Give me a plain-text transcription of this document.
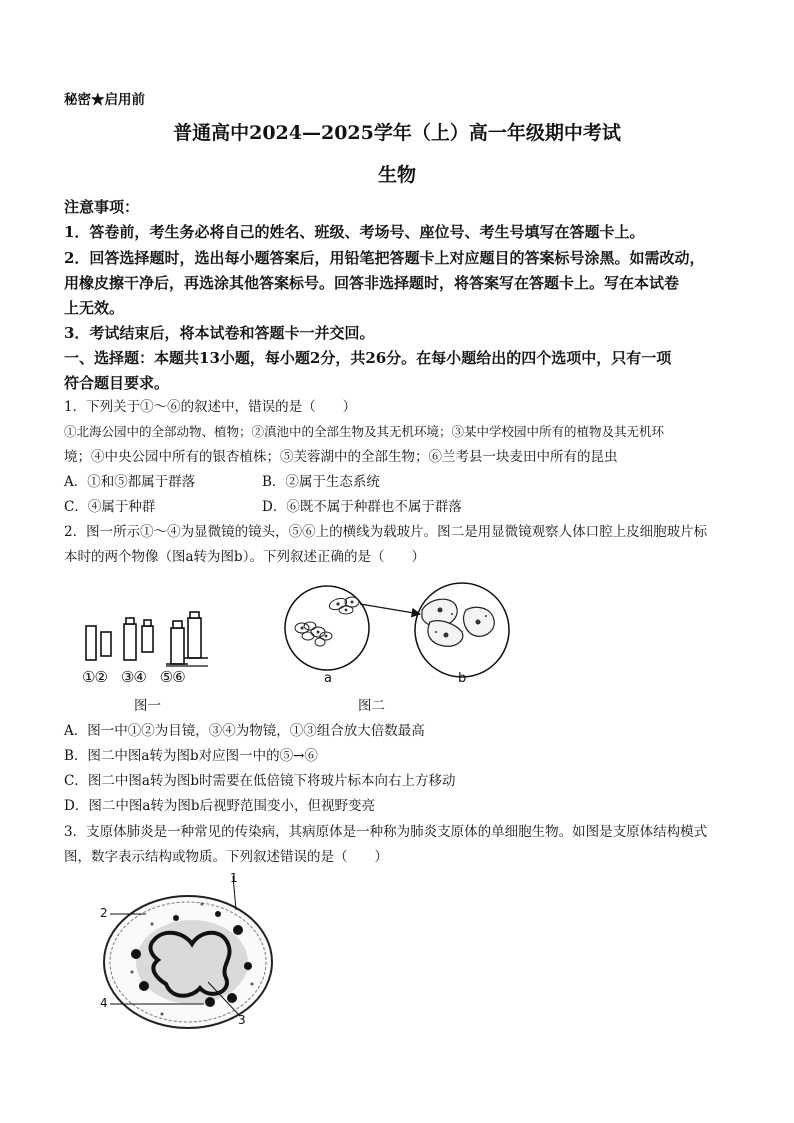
秘密★启用前
普通高中2024—2025学年（上）高一年级期中考试
生物
注意事项：
1．答卷前，考生务必将自己的姓名、班级、考场号、座位号、考生号填写在答题卡上。
2．回答选择题时，选出每小题答案后，用铅笔把答题卡上对应题目的答案标号涂黑。如需改动，
用橡皮擦干净后，再选涂其他答案标号。回答非选择题时，将答案写在答题卡上。写在本试卷
上无效。
3．考试结束后，将本试卷和答题卡一并交回。
一、选择题：本题共13小题，每小题2分，共26分。在每小题给出的四个选项中，只有一项
符合题目要求。
1．下列关于①～⑥的叙述中，错误的是（　　）
①北海公园中的全部动物、植物；②滇池中的全部生物及其无机环境；③某中学校园中所有的植物及其无机环
境；④中央公园中所有的银杏植株；⑤芙蓉湖中的全部生物；⑥兰考县一块麦田中所有的昆虫
A．①和⑤都属于群落	B．②属于生态系统
C．④属于种群	D．⑥既不属于种群也不属于群落
2．图一所示①～④为显微镜的镜头，⑤⑥上的横线为载玻片。图二是用显微镜观察人体口腔上皮细胞玻片标
本时的两个物像（图a转为图b）。下列叙述正确的是（　　）
①②　③④　⑤⑥
图一
a	b
图二
A．图一中①②为目镜，③④为物镜，①③组合放大倍数最高
B．图二中图a转为图b对应图一中的⑤→⑥
C．图二中图a转为图b时需要在低倍镜下将玻片标本向右上方移动
D．图二中图a转为图b后视野范围变小，但视野变亮
3．支原体肺炎是一种常见的传染病，其病原体是一种称为肺炎支原体的单细胞生物。如图是支原体结构模式
图，数字表示结构或物质。下列叙述错误的是（　　）
1
2
3
4
